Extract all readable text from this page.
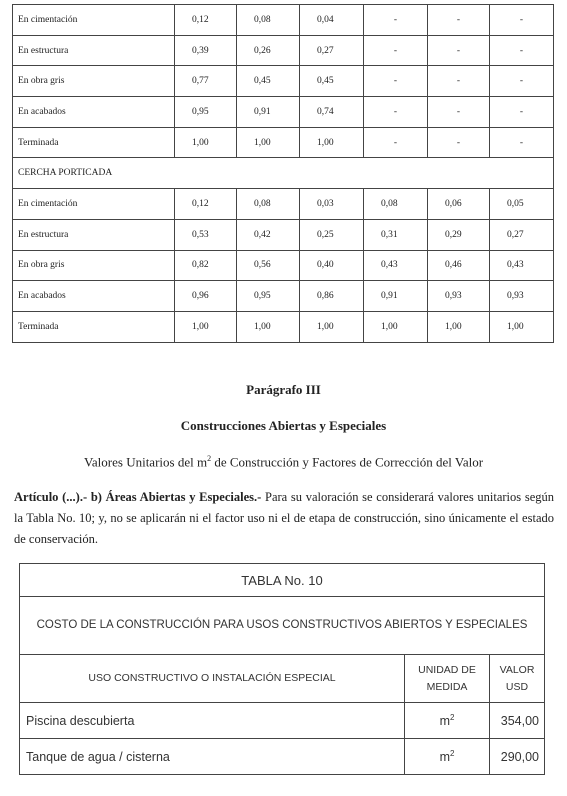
En cimentación	0,12	0,08	0,04	-	-	-
En estructura	0,39	0,26	0,27	-	-	-
En obra gris	0,77	0,45	0,45	-	-	-
En acabados	0,95	0,91	0,74	-	-	-
Terminada	1,00	1,00	1,00	-	-	-
CERCHA PORTICADA						
En cimentación	0,12	0,08	0,03	0,08	0,06	0,05
En estructura	0,53	0,42	0,25	0,31	0,29	0,27
En obra gris	0,82	0,56	0,40	0,43	0,46	0,43
En acabados	0,96	0,95	0,86	0,91	0,93	0,93
Terminada	1,00	1,00	1,00	1,00	1,00	1,00
Parágrafo III
Construcciones Abiertas y Especiales
Valores Unitarios del $m^2$ de Construcción y Factores de Corrección del Valor

Artículo (...).- b) Áreas Abiertas y Especiales.- Para su valoración se considerará valores unitarios según la Tabla No. 10; y, no se aplicarán ni el factor uso ni el de etapa de construcción, sino únicamente el estado de conservación.

TABLA No. 10		
COSTO DE LA CONSTRUCCIÓN PARA USOS CONSTRUCTIVOS ABIERTOS Y ESPECIALES		
USO CONSTRUCTIVO O INSTALACIÓN ESPECIAL	UNIDAD DE MEDIDA	VALOR USD
Piscina descubierta	$m^2$	354,00
Tanque de agua / cisterna	$m^2$	290,00
